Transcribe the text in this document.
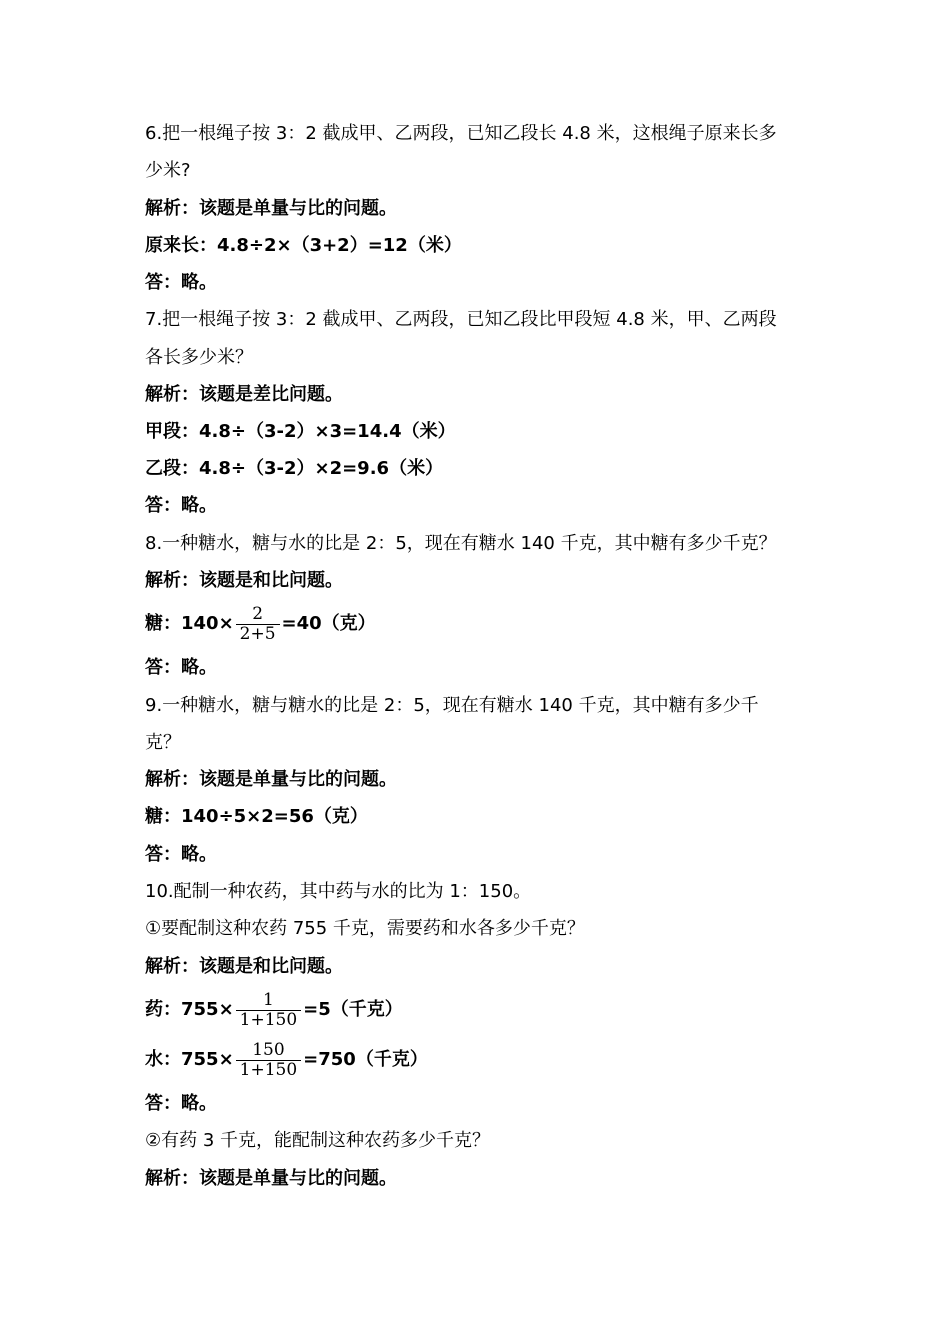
6.把一根绳子按 3：2 截成甲、乙两段，已知乙段长 4.8 米，这根绳子原来长多
少米?
解析：该题是单量与比的问题。
原来长：4.8÷2×（3+2）=12（米）
答：略。
7.把一根绳子按 3：2 截成甲、乙两段，已知乙段比甲段短 4.8 米，甲、乙两段
各长多少米？
解析：该题是差比问题。
甲段：4.8÷（3-2）×3=14.4（米）
乙段：4.8÷（3-2）×2=9.6（米）
答：略。
8.一种糖水，糖与水的比是 2：5，现在有糖水 140 千克，其中糖有多少千克？
解析：该题是和比问题。
糖：$140\times \frac{2}{2+5} =40$（克）
答：略。
9.一种糖水，糖与糖水的比是 2：5，现在有糖水 140 千克，其中糖有多少千
克？
解析：该题是单量与比的问题。
糖：140÷5×2=56（克）
答：略。
10.配制一种农药，其中药与水的比为 1：150。
①要配制这种农药 755 千克，需要药和水各多少千克？
解析：该题是和比问题。
药：$755\times \frac{1}{1+150} =5$（千克）
水：$755\times \frac{150}{1+150} =750$（千克）
答：略。
②有药 3 千克，能配制这种农药多少千克？
解析：该题是单量与比的问题。
